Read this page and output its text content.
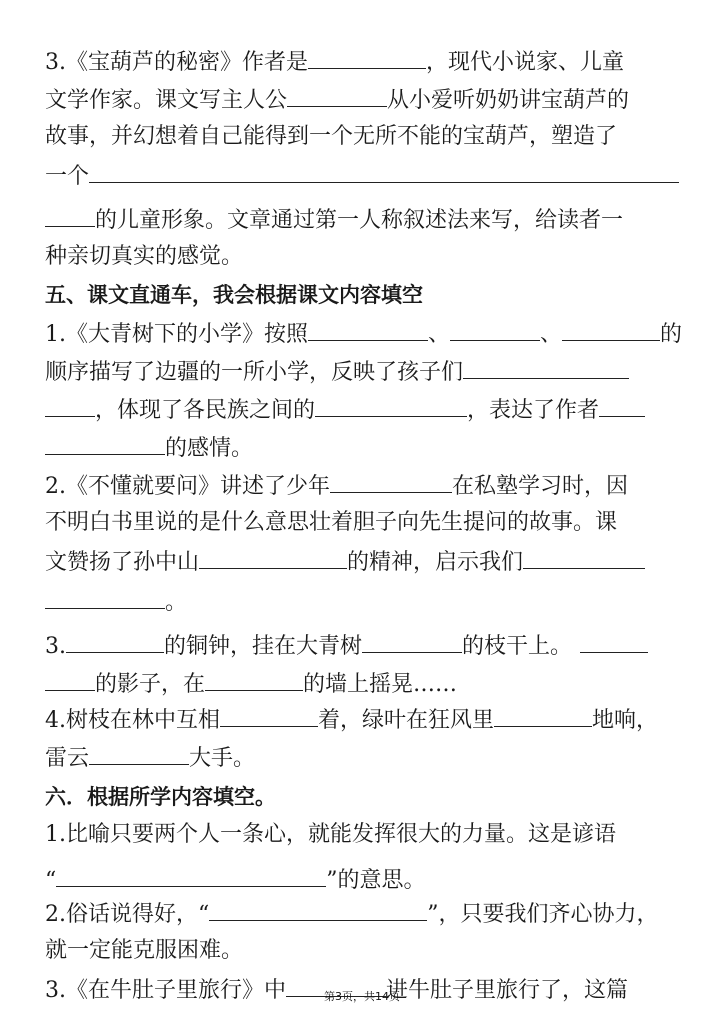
3.《宝葫芦的秘密》作者是	，现代小说家、儿童
文学作家。课文写主人公	从小爱听奶奶讲宝葫芦的
故事，并幻想着自己能得到一个无所不能的宝葫芦，塑造了
一个
的儿童形象。文章通过第一人称叙述法来写，给读者一
种亲切真实的感觉。
五、课文直通车，我会根据课文内容填空
1.《大青树下的小学》按照	、	、	的
顺序描写了边疆的一所小学，反映了孩子们
，体现了各民族之间的	，表达了作者
的感情。
2.《不懂就要问》讲述了少年	在私塾学习时，因
不明白书里说的是什么意思壮着胆子向先生提问的故事。课
文赞扬了孙中山	的精神，启示我们
。
3.	的铜钟，挂在大青树	的枝干上。
的影子，在	的墙上摇晃……
4.树枝在林中互相	着，绿叶在狂风里	地响，
雷云	大手。
六．根据所学内容填空。
1.比喻只要两个人一条心，就能发挥很大的力量。这是谚语
“	”的意思。
2.俗话说得好，“	”，只要我们齐心协力，
就一定能克服困难。
3.《在牛肚子里旅行》中	进牛肚子里旅行了，这篇
第3页，共14页
